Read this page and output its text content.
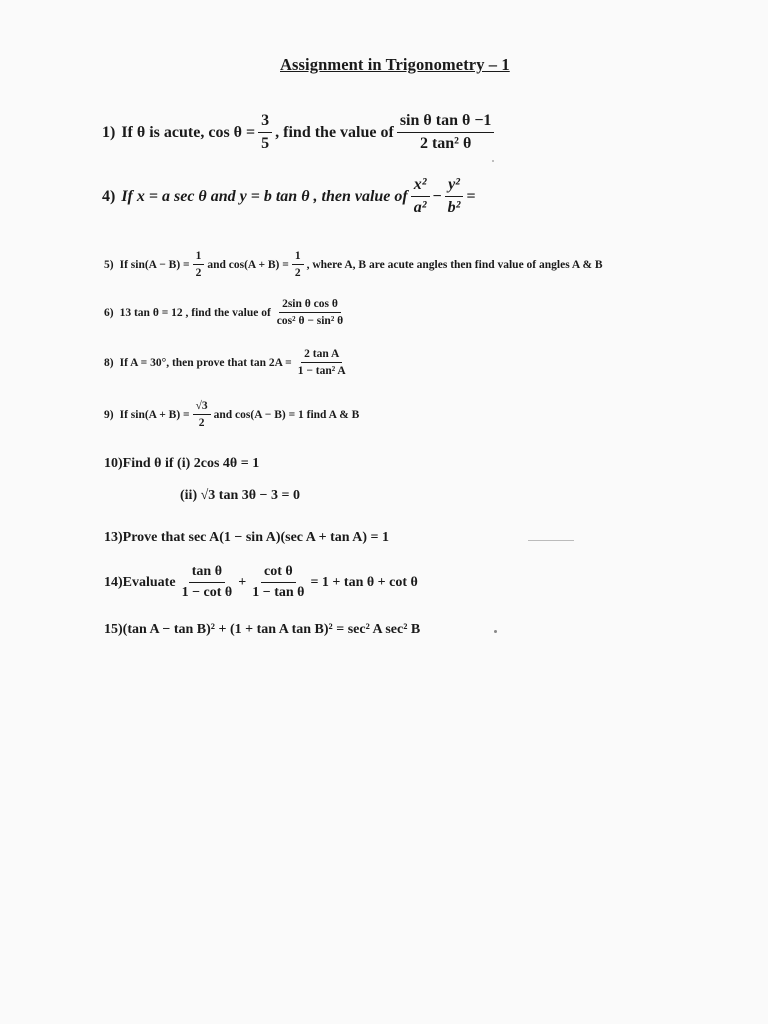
Assignment in Trigonometry – 1
1) If θ is acute, $\cos \theta = \frac{3}{5}$ , find the value of $\frac{\text{sin θ tan θ −1}}{\text{2 tan² θ}}$
4) If x = a sec θ and y = b tan θ , then value of $\frac{\text{x²}}{\text{a²}} - \frac{\text{y²}}{\text{b²}}$ =
5) If $\sin(A - B) = \frac{1}{2}$ and $\cos(A + B) = \frac{1}{2}$ , where A, B are acute angles then find value of angles A & B
6) 13 tan θ = 12 , find the value of $\frac{\text{2sin θ cos θ}}{\text{cos² θ − sin² θ}}$
8) If A = 30°, then prove that $\tan 2A = \frac{\text{2 tan A}}{\text{1 − tan² A}}$
9) If $\sin(A + B) = \frac{√3}{2}$ and cos(A − B) = 1 find A & B
10) Find θ if (i) 2cos 4θ = 1
(ii) √3 tan 3θ − 3 = 0
13) Prove that sec A(1 − sin A)(sec A + tan A) = 1
14) Evaluate $\frac{\text{tan θ}}{\text{1 − cot θ}} + \frac{\text{cot θ}}{\text{1 − tan θ}} = 1 + \tan \theta + \cot \theta$
15) (tan A − tan B)² + (1 + tan A tan B)² = sec² A sec² B
